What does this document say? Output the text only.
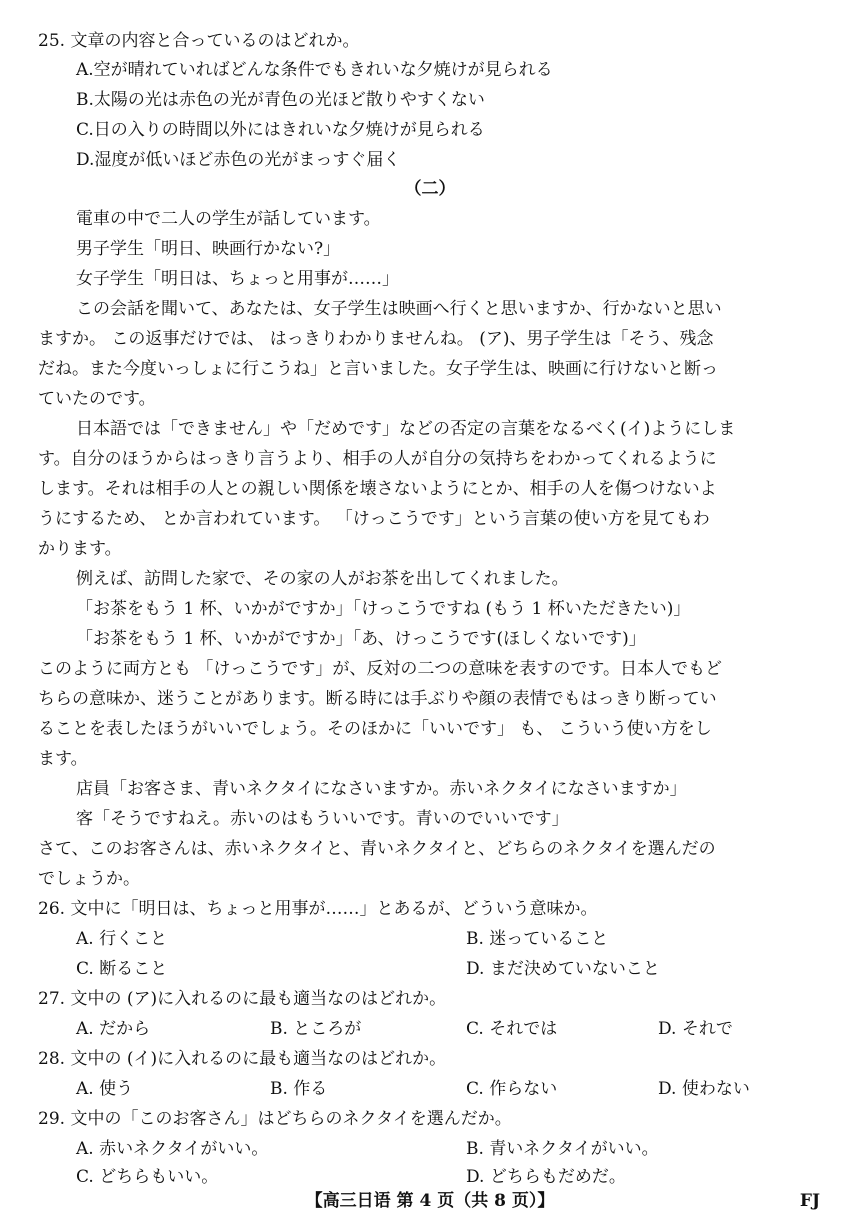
25. 文章の内容と合っているのはどれか。
A.空が晴れていればどんな条件でもきれいな夕焼けが見られる
B.太陽の光は赤色の光が青色の光ほど散りやすくない
C.日の入りの時間以外にはきれいな夕焼けが見られる
D.湿度が低いほど赤色の光がまっすぐ届く
（二）
電車の中で二人の学生が話しています。
男子学生「明日、映画行かない?」
女子学生「明日は、ちょっと用事が……」
この会話を聞いて、あなたは、女子学生は映画へ行くと思いますか、行かないと思い
ますか。 この返事だけでは、 はっきりわかりませんね。 (ア)、男子学生は「そう、残念
だね。また今度いっしょに行こうね」と言いました。女子学生は、映画に行けないと断っ
ていたのです。
日本語では「できません」や「だめです」などの否定の言葉をなるべく(イ)ようにしま
す。自分のほうからはっきり言うより、相手の人が自分の気持ちをわかってくれるように
します。それは相手の人との親しい関係を壊さないようにとか、相手の人を傷つけないよ
うにするため、 とか言われています。 「けっこうです」という言葉の使い方を見てもわ
かります。
例えば、訪問した家で、その家の人がお茶を出してくれました。
「お茶をもう 1 杯、いかがですか」「けっこうですね (もう 1 杯いただきたい)」
「お茶をもう 1 杯、いかがですか」「あ、けっこうです(ほしくないです)」
このように両方とも 「けっこうです」が、反対の二つの意味を表すのです。日本人でもど
ちらの意味か、迷うことがあります。断る時には手ぶりや顔の表情でもはっきり断ってい
ることを表したほうがいいでしょう。そのほかに「いいです」 も、 こういう使い方をし
ます。
店員「お客さま、青いネクタイになさいますか。赤いネクタイになさいますか」
客「そうですねえ。赤いのはもういいです。青いのでいいです」
さて、このお客さんは、赤いネクタイと、青いネクタイと、どちらのネクタイを選んだの
でしょうか。
26. 文中に「明日は、ちょっと用事が……」とあるが、どういう意味か。
A. 行くこと	B. 迷っていること
C. 断ること	D. まだ決めていないこと
27. 文中の (ア)に入れるのに最も適当なのはどれか。
A. だから	B. ところが	C. それでは	D. それで
28. 文中の (イ)に入れるのに最も適当なのはどれか。
A. 使う	B. 作る	C. 作らない	D. 使わない
29. 文中の「このお客さん」はどちらのネクタイを選んだか。
A. 赤いネクタイがいい。	B. 青いネクタイがいい。
C. どちらもいい。	D. どちらもだめだ。
【高三日语 第 4 页（共 8 页）】	FJ
